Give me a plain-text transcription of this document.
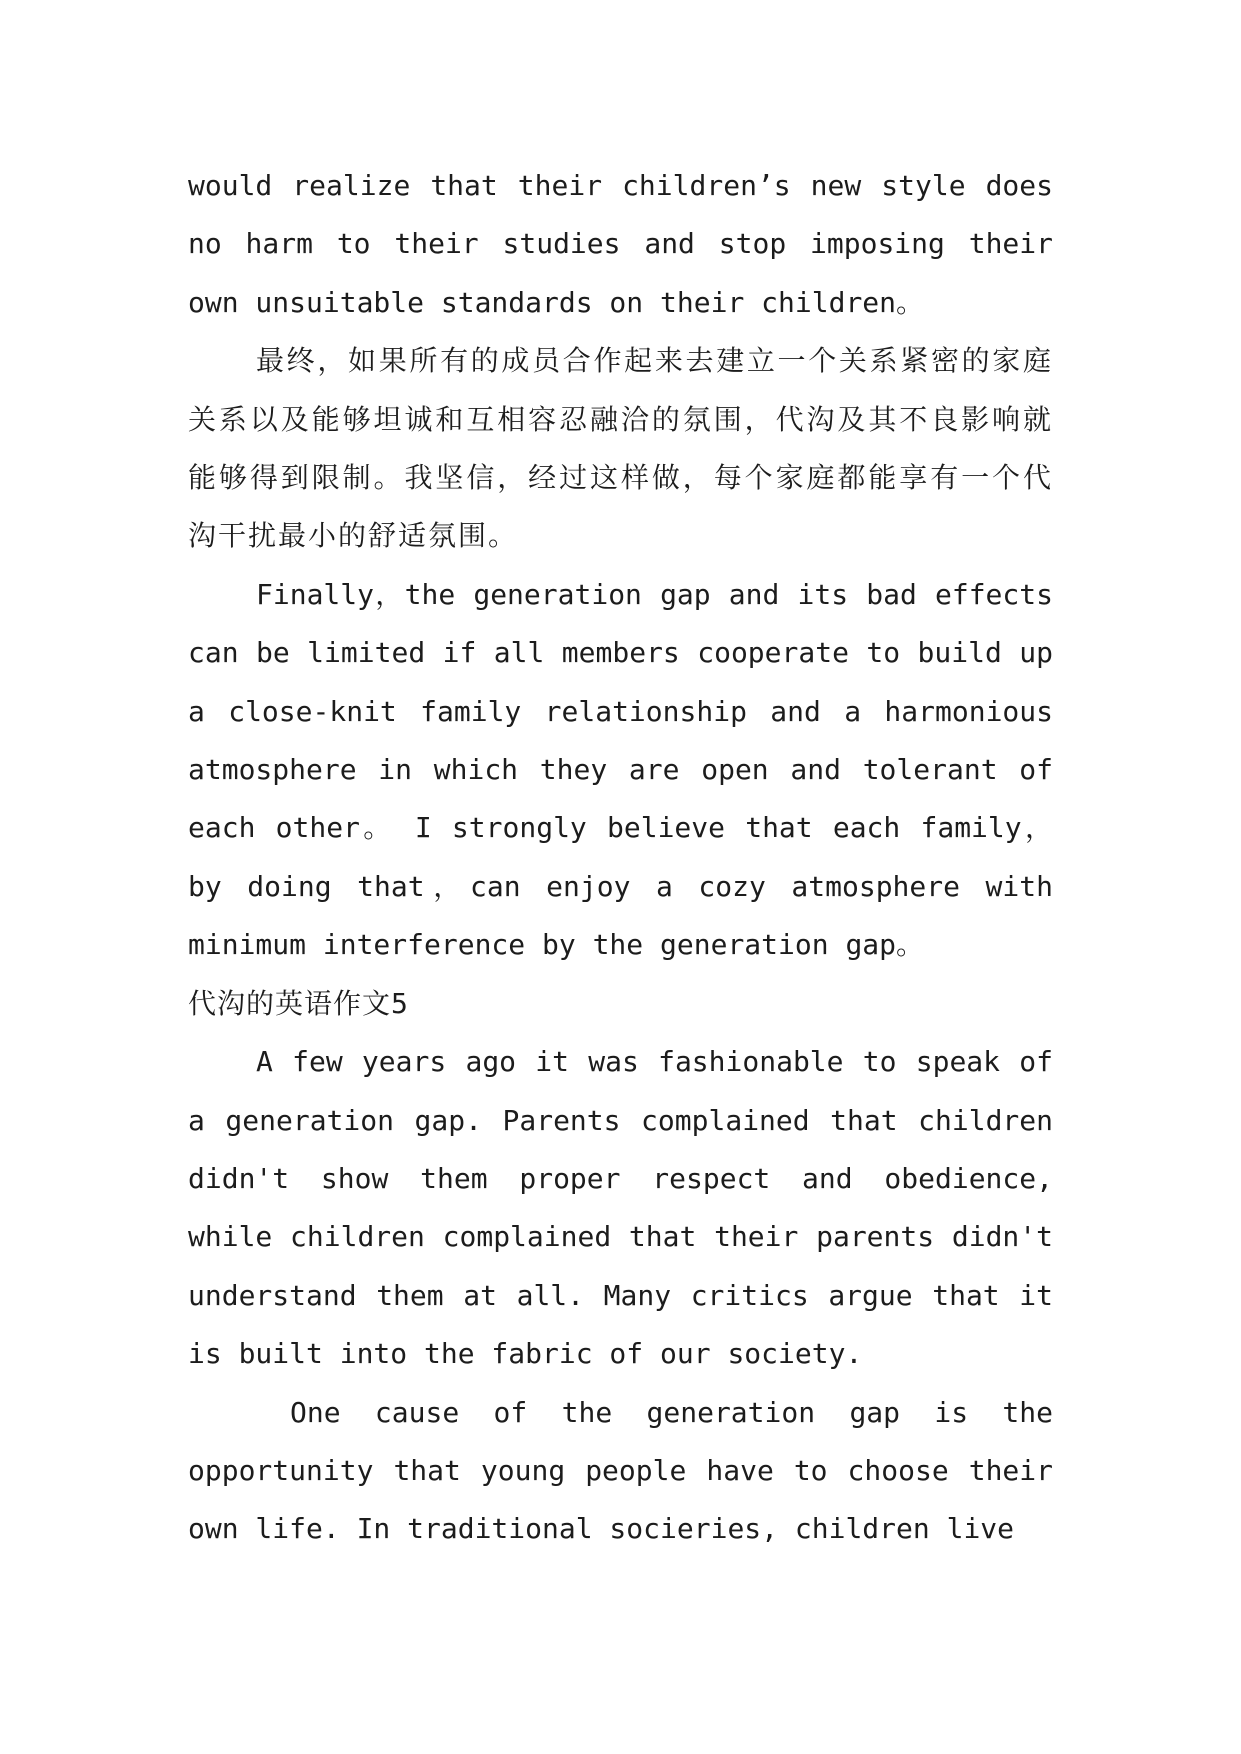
would realize that their children’s new style does no harm to their studies and stop imposing their own unsuitable standards on their children。

最终，如果所有的成员合作起来去建立一个关系紧密的家庭关系以及能够坦诚和互相容忍融洽的氛围，代沟及其不良影响就能够得到限制。我坚信，经过这样做，每个家庭都能享有一个代沟干扰最小的舒适氛围。

Finally，the generation gap and its bad effects can be limited if all members cooperate to build up a close-knit family relationship and a harmonious atmosphere in which they are open and tolerant of each other。 I strongly believe that each family，by doing that，can enjoy a cozy atmosphere with minimum interference by the generation gap。

代沟的英语作文5

A few years ago it was fashionable to speak of a generation gap. Parents complained that children didn't show them proper respect and obedience, while children complained that their parents didn't understand them at all. Many critics argue that it is built into the fabric of our society.

One cause of the generation gap is the opportunity that young people have to choose their own life. In traditional socieries, children live
